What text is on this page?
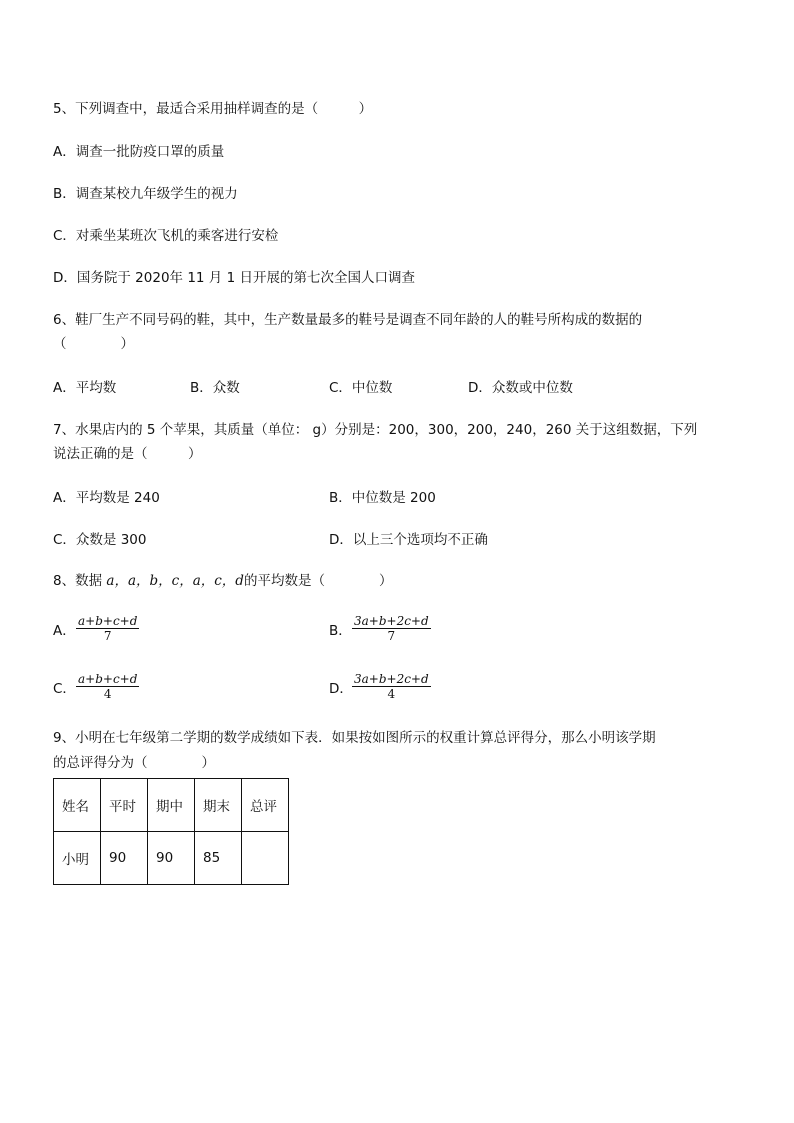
5、下列调查中，最适合采用抽样调查的是（　　　）
A．调查一批防疫口罩的质量
B．调查某校九年级学生的视力
C．对乘坐某班次飞机的乘客进行安检
D．国务院于 2020年 11 月 1 日开展的第七次全国人口调查
6、鞋厂生产不同号码的鞋，其中，生产数量最多的鞋号是调查不同年龄的人的鞋号所构成的数据的
（　　　　）
A．平均数	B．众数	C．中位数	D．众数或中位数
7、水果店内的 5 个苹果，其质量（单位： g）分别是：200，300，200，240，260 关于这组数据，下列
说法正确的是（　　　）
A．平均数是 240	B．中位数是 200
C．众数是 300	D．以上三个选项均不正确
8、数据 a，a，b，c，a，c，d的平均数是（　　　　）
A． $\frac{a+b+c+d}{7}$	B． $\frac{3a+b+2c+d}{7}$
C． $\frac{a+b+c+d}{4}$	D． $\frac{3a+b+2c+d}{4}$
9、小明在七年级第二学期的数学成绩如下表．如果按如图所示的权重计算总评得分，那么小明该学期
的总评得分为（　　　　）
姓名	平时	期中	期末	总评
小明	90	90	85	
